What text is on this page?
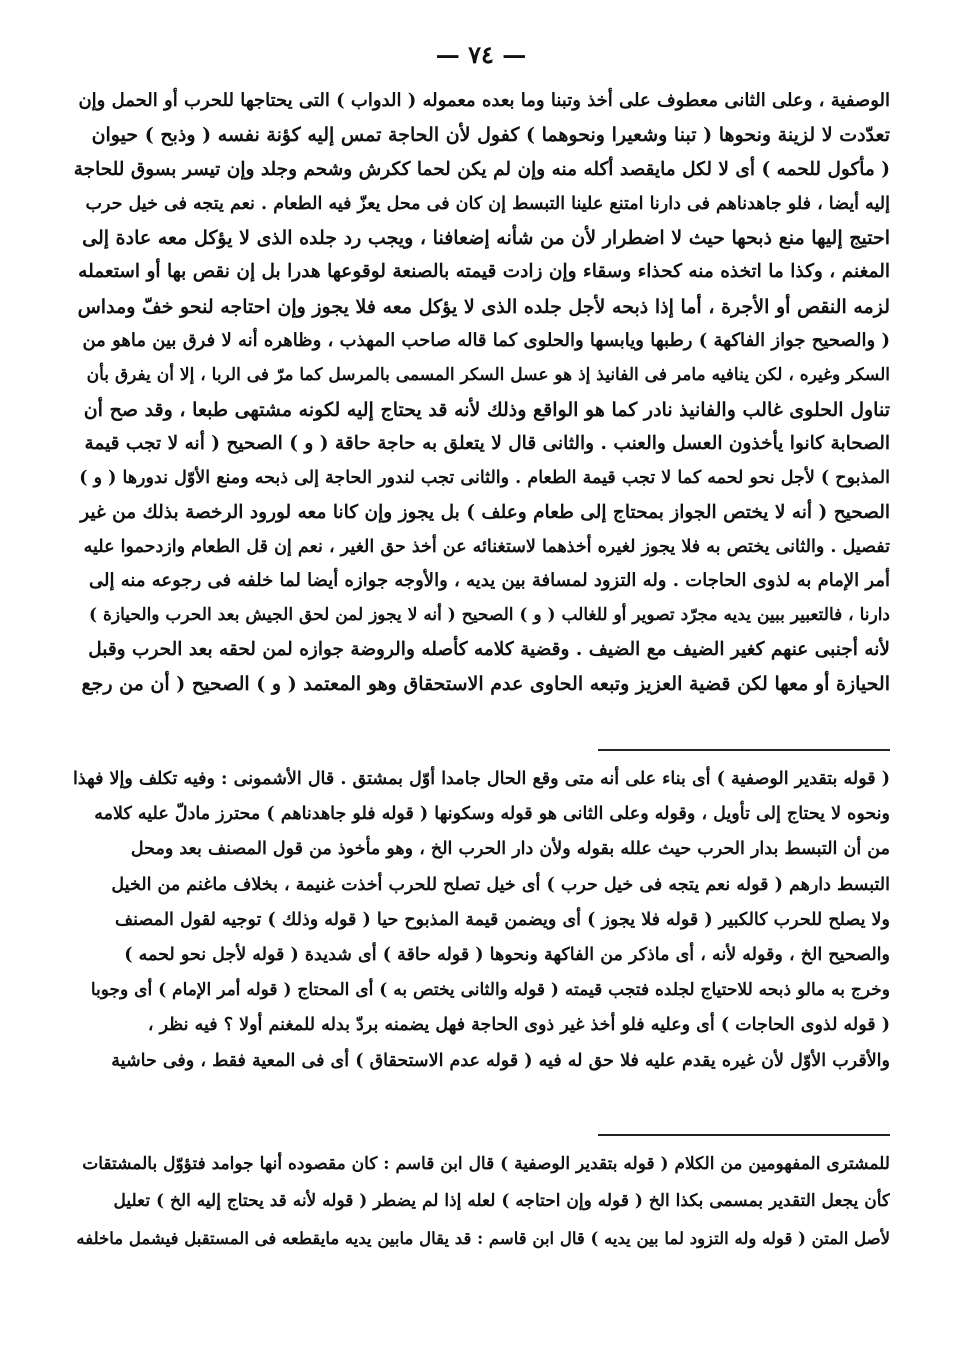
— ٧٤ —
الوصفية ، وعلى الثانى معطوف على أخذ وتبنا وما بعده معموله ( الدواب ) التى يحتاجها للحرب أو الحمل وإن
تعدّدت لا لزينة ونحوها ( تبنا وشعيرا ونحوهما ) كفول لأن الحاجة تمس إليه كؤنة نفسه ( وذبح ) حيوان
( مأكول للحمه ) أى لا لكل مايقصد أكله منه وإن لم يكن لحما ككرش وشحم وجلد وإن تيسر بسوق للحاجة
إليه أيضا ، فلو جاهدناهم فى دارنا امتنع علينا التبسط إن كان فى محل يعزّ فيه الطعام . نعم يتجه فى خيل حرب
احتيج إليها منع ذبحها حيث لا اضطرار لأن من شأنه إضعافنا ، ويجب رد جلده الذى لا يؤكل معه عادة إلى
المغنم ، وكذا ما اتخذه منه كحذاء وسقاء وإن زادت قيمته بالصنعة لوقوعها هدرا بل إن نقص بها أو استعمله
لزمه النقص أو الأجرة ، أما إذا ذبحه لأجل جلده الذى لا يؤكل معه فلا يجوز وإن احتاجه لنحو خفّ ومداس
( والصحيح جواز الفاكهة ) رطبها ويابسها والحلوى كما قاله صاحب المهذب ، وظاهره أنه لا فرق بين ماهو من
السكر وغيره ، لكن ينافيه مامر فى الفانيذ إذ هو عسل السكر المسمى بالمرسل كما مرّ فى الربا ، إلا أن يفرق بأن
تناول الحلوى غالب والفانيذ نادر كما هو الواقع وذلك لأنه قد يحتاج إليه لكونه مشتهى طبعا ، وقد صح أن
الصحابة كانوا يأخذون العسل والعنب . والثانى قال لا يتعلق به حاجة حاقة ( و ) الصحيح ( أنه لا تجب قيمة
المذبوح ) لأجل نحو لحمه كما لا تجب قيمة الطعام . والثانى تجب لندور الحاجة إلى ذبحه ومنع الأوّل ندورها ( و )
الصحيح ( أنه لا يختص الجواز بمحتاج إلى طعام وعلف ) بل يجوز وإن كانا معه لورود الرخصة بذلك من غير
تفصيل . والثانى يختص به فلا يجوز لغيره أخذهما لاستغنائه عن أخذ حق الغير ، نعم إن قل الطعام وازدحموا عليه
أمر الإمام به لذوى الحاجات . وله التزود لمسافة بين يديه ، والأوجه جوازه أيضا لما خلفه فى رجوعه منه إلى
دارنا ، فالتعبير ببين يديه مجرّد تصوير أو للغالب ( و ) الصحيح ( أنه لا يجوز لمن لحق الجيش بعد الحرب والحيازة )
لأنه أجنبى عنهم كغير الضيف مع الضيف . وقضية كلامه كأصله والروضة جوازه لمن لحقه بعد الحرب وقبل
الحيازة أو معها لكن قضية العزيز وتبعه الحاوى عدم الاستحقاق وهو المعتمد ( و ) الصحيح ( أن من رجع
( قوله بتقدير الوصفية ) أى بناء على أنه متى وقع الحال جامدا أوّل بمشتق . قال الأشمونى : وفيه تكلف وإلا فهذا
ونحوه لا يحتاج إلى تأويل ، وقوله وعلى الثانى هو قوله وسكونها ( قوله فلو جاهدناهم ) محترز مادلّ عليه كلامه
من أن التبسط بدار الحرب حيث علله بقوله ولأن دار الحرب الخ ، وهو مأخوذ من قول المصنف بعد ومحل
التبسط دارهم ( قوله نعم يتجه فى خيل حرب ) أى خيل تصلح للحرب أخذت غنيمة ، بخلاف ماغنم من الخيل
ولا يصلح للحرب كالكبير ( قوله فلا يجوز ) أى ويضمن قيمة المذبوح حيا ( قوله وذلك ) توجيه لقول المصنف
والصحيح الخ ، وقوله لأنه ، أى ماذكر من الفاكهة ونحوها ( قوله حاقة ) أى شديدة ( قوله لأجل نحو لحمه )
وخرج به مالو ذبحه للاحتياج لجلده فتجب قيمته ( قوله والثانى يختص به ) أى المحتاج ( قوله أمر الإمام ) أى وجوبا
( قوله لذوى الحاجات ) أى وعليه فلو أخذ غير ذوى الحاجة فهل يضمنه بردّ بدله للمغنم أولا ؟ فيه نظر ،
والأقرب الأوّل لأن غيره يقدم عليه فلا حق له فيه ( قوله عدم الاستحقاق ) أى فى المعية فقط ، وفى حاشية
للمشترى المفهومين من الكلام ( قوله بتقدير الوصفية ) قال ابن قاسم : كان مقصوده أنها جوامد فتؤوّل بالمشتقات
كأن يجعل التقدير بمسمى بكذا الخ ( قوله وإن احتاجه ) لعله إذا لم يضطر ( قوله لأنه قد يحتاج إليه الخ ) تعليل
لأصل المتن ( قوله وله التزود لما بين يديه ) قال ابن قاسم : قد يقال مابين يديه مايقطعه فى المستقبل فيشمل ماخلفه
